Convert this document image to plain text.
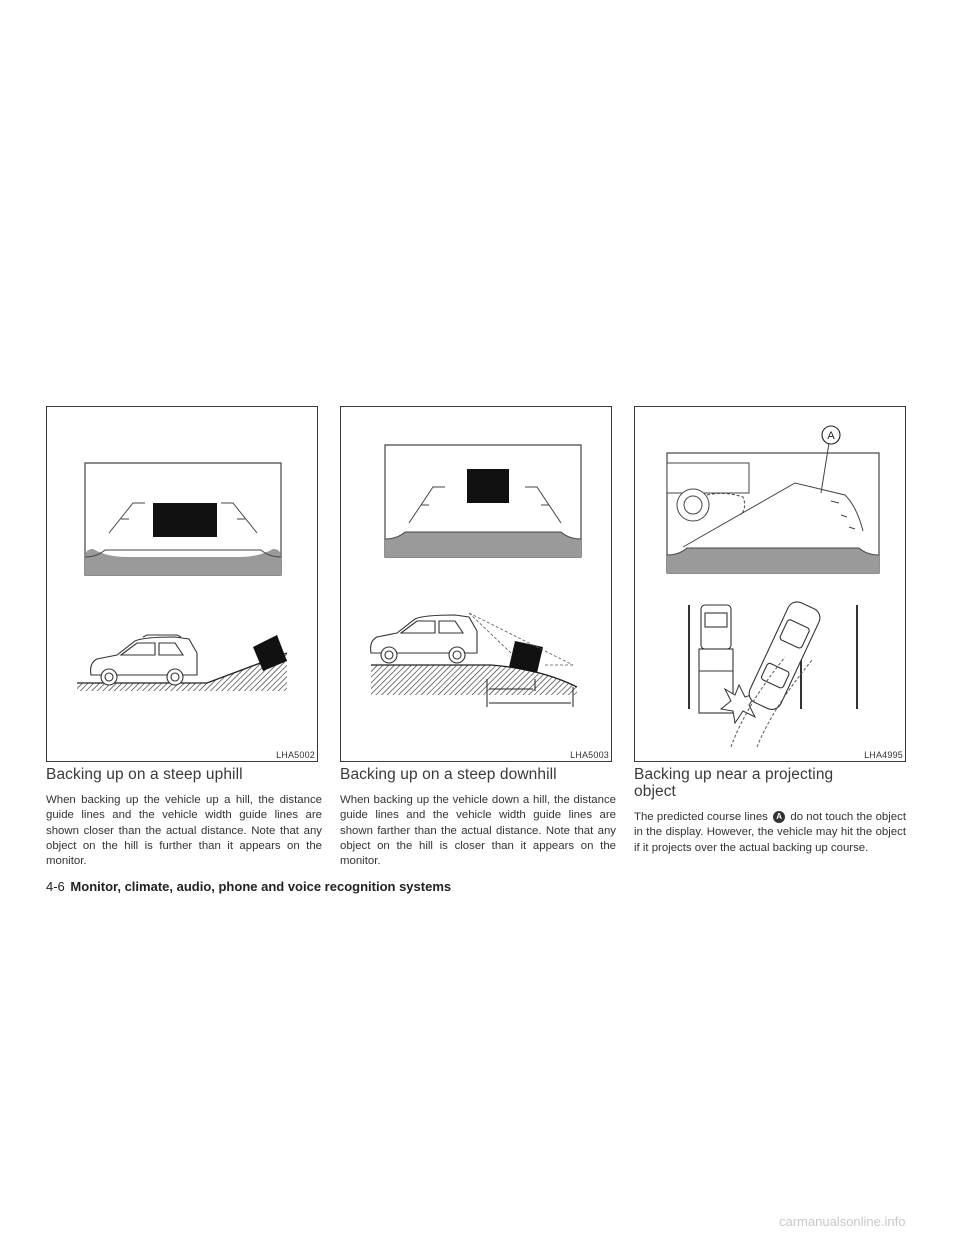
LHA5002	LHA5003
A
LHA4995
Backing up on a steep uphill

When backing up the vehicle up a hill, the distance guide lines and the vehicle width guide lines are shown closer than the actual distance. Note that any object on the hill is further than it appears on the monitor.

Backing up on a steep downhill

When backing up the vehicle down a hill, the distance guide lines and the vehicle width guide lines are shown farther than the actual distance. Note that any object on the hill is closer than it appears on the monitor.

Backing up near a projecting object

The predicted course lines A do not touch the object in the display. However, the vehicle may hit the object if it projects over the actual backing up course.

4-6 Monitor, climate, audio, phone and voice recognition systems
carmanualsonline.info
